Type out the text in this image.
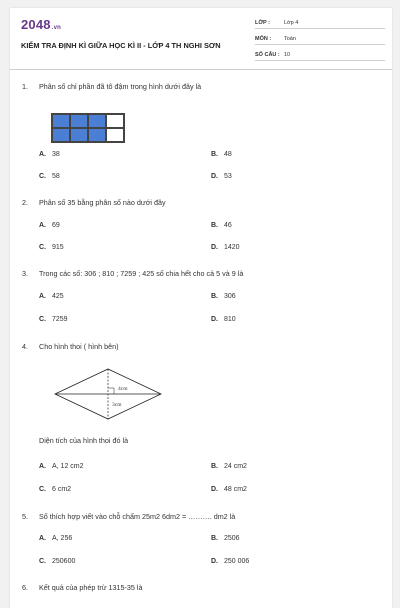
2048.vn
KIỂM TRA ĐỊNH KÌ GIỮA HỌC KÌ II - LỚP 4 TH NGHI SƠN
LỚP :	Lớp 4
MÔN :	Toán
SỐ CÂU : 10
1.	Phân số chỉ phần đã tô đậm trong hình dưới đây là
A. 38	B. 48
C. 58	D. 53
2.	Phân số 35 bằng phân số nào dưới đây
A. 69	B. 46
C. 915	D. 1420
3.	Trong các số: 306 ; 810 ; 7259 ; 425 số chia hết cho cả 5 và 9 là
A. 425	B. 306
C. 7259	D. 810
4.	Cho hình thoi ( hình bên)
4cm
3cm
Diện tích của hình thoi đó là
A. A, 12 cm2	B. 24 cm2
C. 6 cm2	D. 48 cm2
5.	Số thích hợp viết vào chỗ chấm 25m2 6dm2 = ………. dm2 là
A. A, 256	B. 2506
C. 250600	D. 250 006
6.	Kết quả của phép trừ 1315-35 là
